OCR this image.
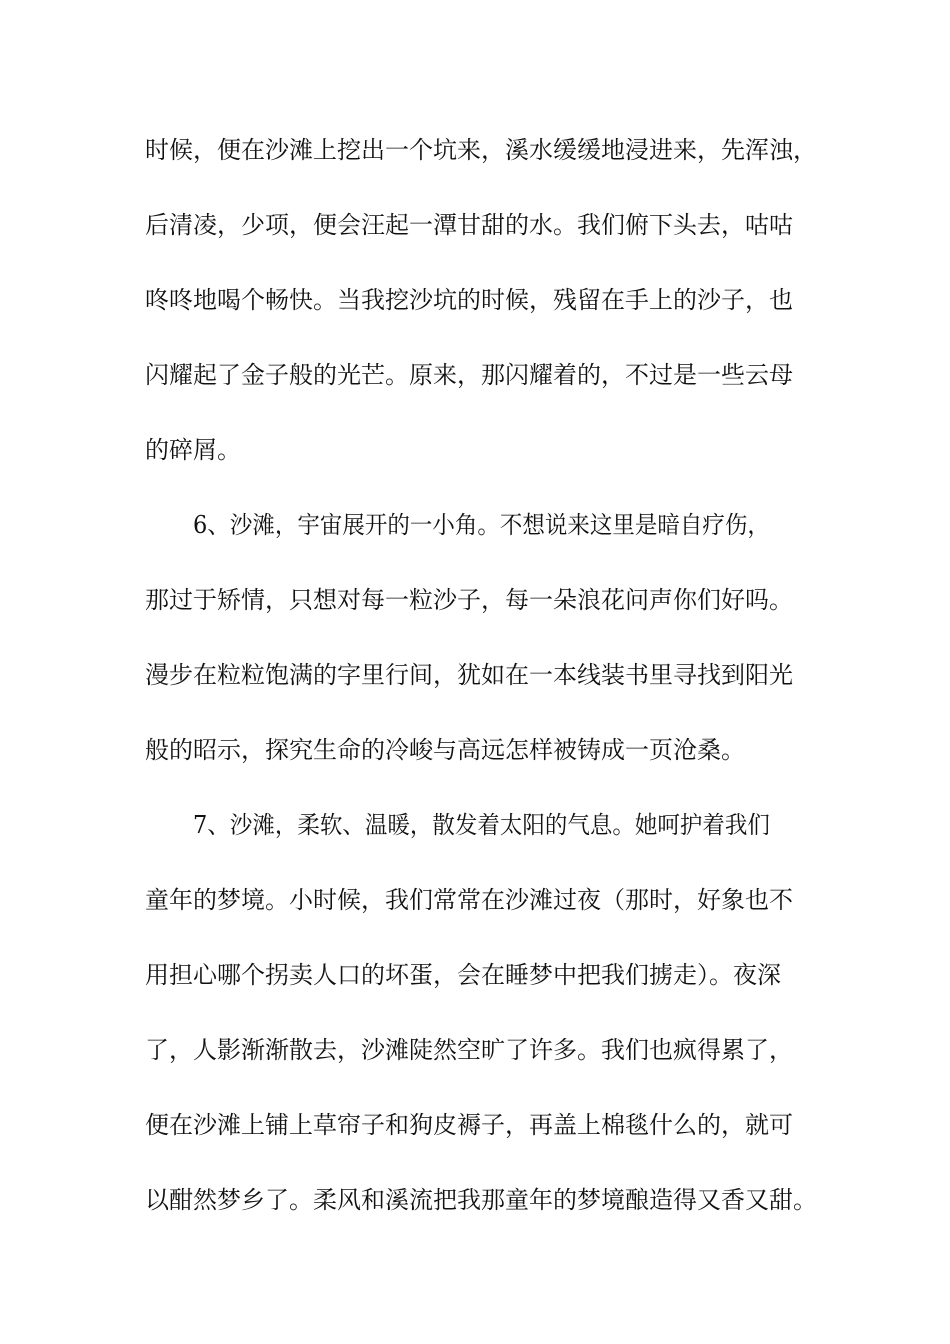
时候，便在沙滩上挖出一个坑来，溪水缓缓地浸进来，先浑浊，
后清凌，少项，便会汪起一潭甘甜的水。我们俯下头去，咕咕
咚咚地喝个畅快。当我挖沙坑的时候，残留在手上的沙子，也
闪耀起了金子般的光芒。原来，那闪耀着的，不过是一些云母
的碎屑。
6、沙滩，宇宙展开的一小角。不想说来这里是暗自疗伤，
那过于矫情，只想对每一粒沙子，每一朵浪花问声你们好吗。
漫步在粒粒饱满的字里行间，犹如在一本线装书里寻找到阳光
般的昭示，探究生命的冷峻与高远怎样被铸成一页沧桑。
7、沙滩，柔软、温暖，散发着太阳的气息。她呵护着我们
童年的梦境。小时候，我们常常在沙滩过夜（那时，好象也不
用担心哪个拐卖人口的坏蛋，会在睡梦中把我们掳走）。夜深
了，人影渐渐散去，沙滩陡然空旷了许多。我们也疯得累了，
便在沙滩上铺上草帘子和狗皮褥子，再盖上棉毯什么的，就可
以酣然梦乡了。柔风和溪流把我那童年的梦境酿造得又香又甜。
